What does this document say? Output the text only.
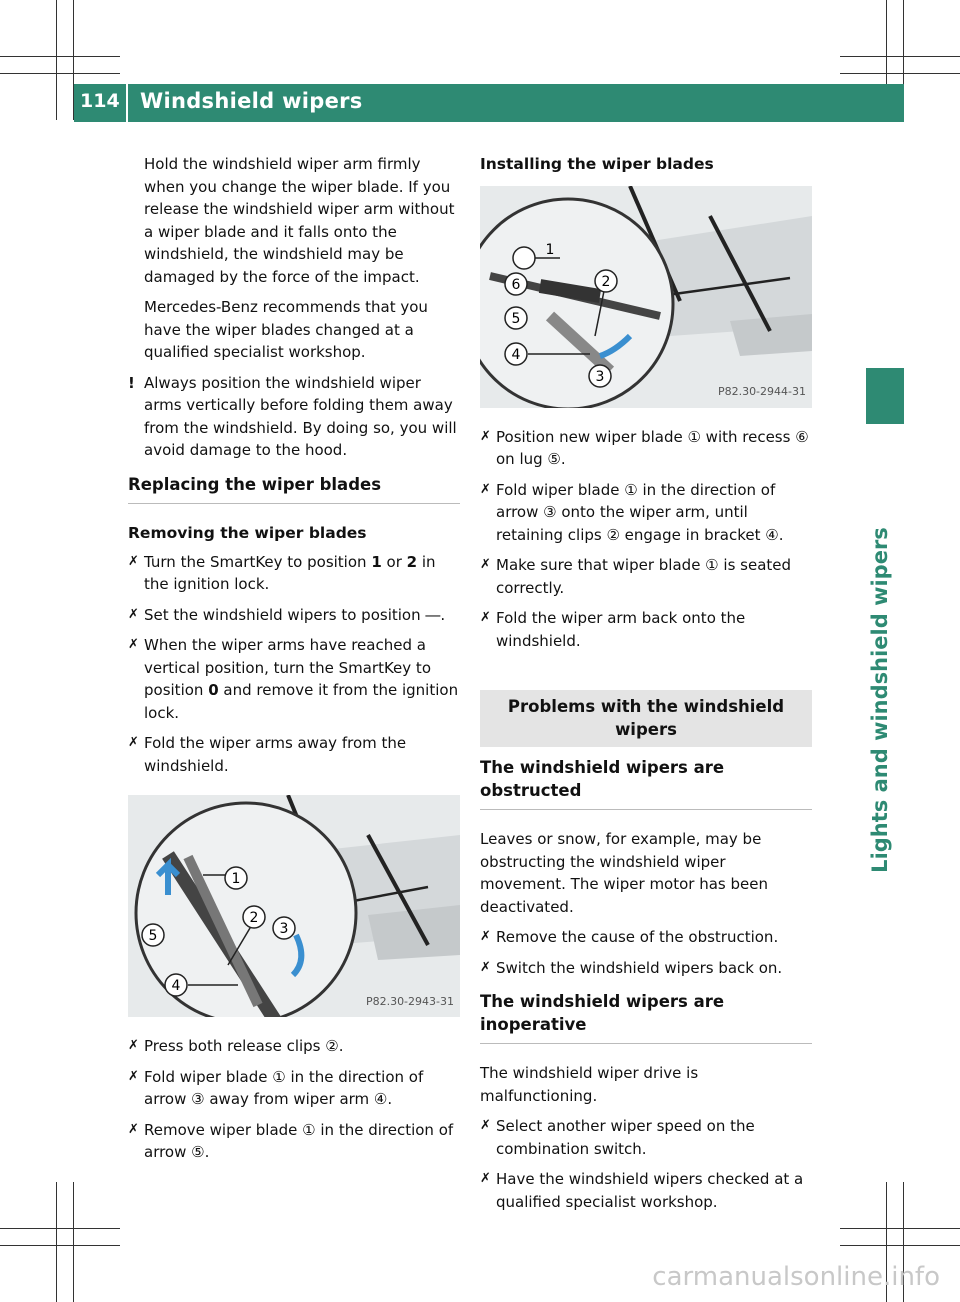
114 Windshield wipers
Lights and windshield wipers

Hold the windshield wiper arm firmly when you change the wiper blade. If you release the windshield wiper arm without a wiper blade and it falls onto the windshield, the windshield may be damaged by the force of the impact.

Mercedes-Benz recommends that you have the wiper blades changed at a qualified specialist workshop.

! Always position the windshield wiper arms vertically before folding them away from the windshield. By doing so, you will avoid damage to the hood.
Replacing the wiper blades
Removing the wiper blades
✗ Turn the SmartKey to position 1 or 2 in the ignition lock.
✗ Set the windshield wipers to position ―.
✗ When the wiper arms have reached a vertical position, turn the SmartKey to position 0 and remove it from the ignition lock.
✗ Fold the wiper arms away from the windshield.
1
2
3
4
5
P82.30-2943-31
✗ Press both release clips ②.
✗ Fold wiper blade ① in the direction of arrow ③ away from wiper arm ④.
✗ Remove wiper blade ① in the direction of arrow ⑤.
Installing the wiper blades
1
2
3
4
5
6
P82.30-2944-31
✗ Position new wiper blade ① with recess ⑥ on lug ⑤.
✗ Fold wiper blade ① in the direction of arrow ③ onto the wiper arm, until retaining clips ② engage in bracket ④.
✗ Make sure that wiper blade ① is seated correctly.
✗ Fold the wiper arm back onto the windshield.
Problems with the windshield wipers
The windshield wipers are obstructed

Leaves or snow, for example, may be obstructing the windshield wiper movement. The wiper motor has been deactivated.

✗ Remove the cause of the obstruction.
✗ Switch the windshield wipers back on.
The windshield wipers are inoperative

The windshield wiper drive is malfunctioning.

✗ Select another wiper speed on the combination switch.
✗ Have the windshield wipers checked at a qualified specialist workshop.
carmanualsonline.info
